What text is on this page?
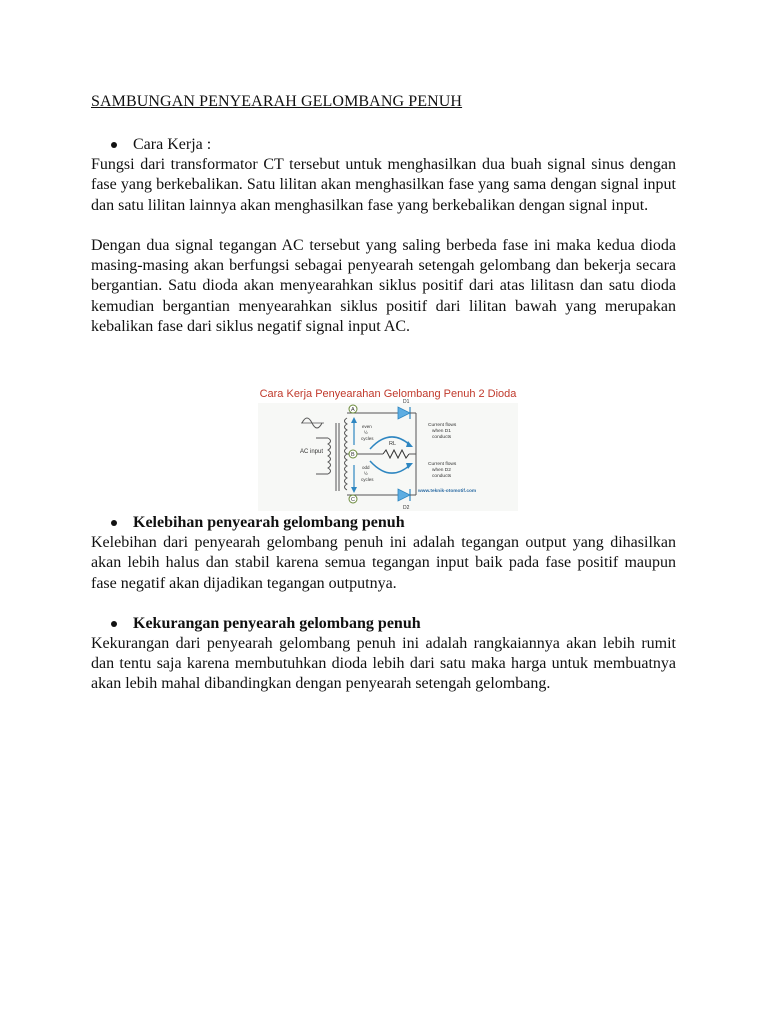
SAMBUNGAN PENYEARAH GELOMBANG PENUH

Cara Kerja :

Fungsi dari transformator CT tersebut untuk menghasilkan dua buah signal sinus dengan fase yang berkebalikan. Satu lilitan akan menghasilkan fase yang sama dengan signal input dan satu lilitan lainnya akan menghasilkan fase yang berkebalikan dengan signal input.

Dengan dua signal tegangan AC tersebut yang saling berbeda fase ini maka kedua dioda masing-masing akan berfungsi sebagai penyearah setengah gelombang dan bekerja secara bergantian. Satu dioda akan menyearahkan siklus positif dari atas lilitasn dan satu dioda kemudian bergantian menyearahkan siklus positif dari lilitan bawah yang merupakan kebalikan fase dari siklus negatif signal input AC.

Cara Kerja Penyearahan Gelombang Penuh 2 Dioda
AC input
A
B
C
even
½
cycles
odd
½
cycles
RL
D1
D2
Current flows
when D1
conducts
Current flows
when D2
conducts
www.teknik-otomotif.com
Kelebihan penyearah gelombang penuh

Kelebihan dari penyearah gelombang penuh ini adalah tegangan output yang dihasilkan akan lebih halus dan stabil karena semua tegangan input baik pada fase positif maupun fase negatif akan dijadikan tegangan outputnya.

Kekurangan penyearah gelombang penuh

Kekurangan dari penyearah gelombang penuh ini adalah rangkaiannya akan lebih rumit dan tentu saja karena membutuhkan dioda lebih dari satu maka harga untuk membuatnya akan lebih mahal dibandingkan dengan penyearah setengah gelombang.
